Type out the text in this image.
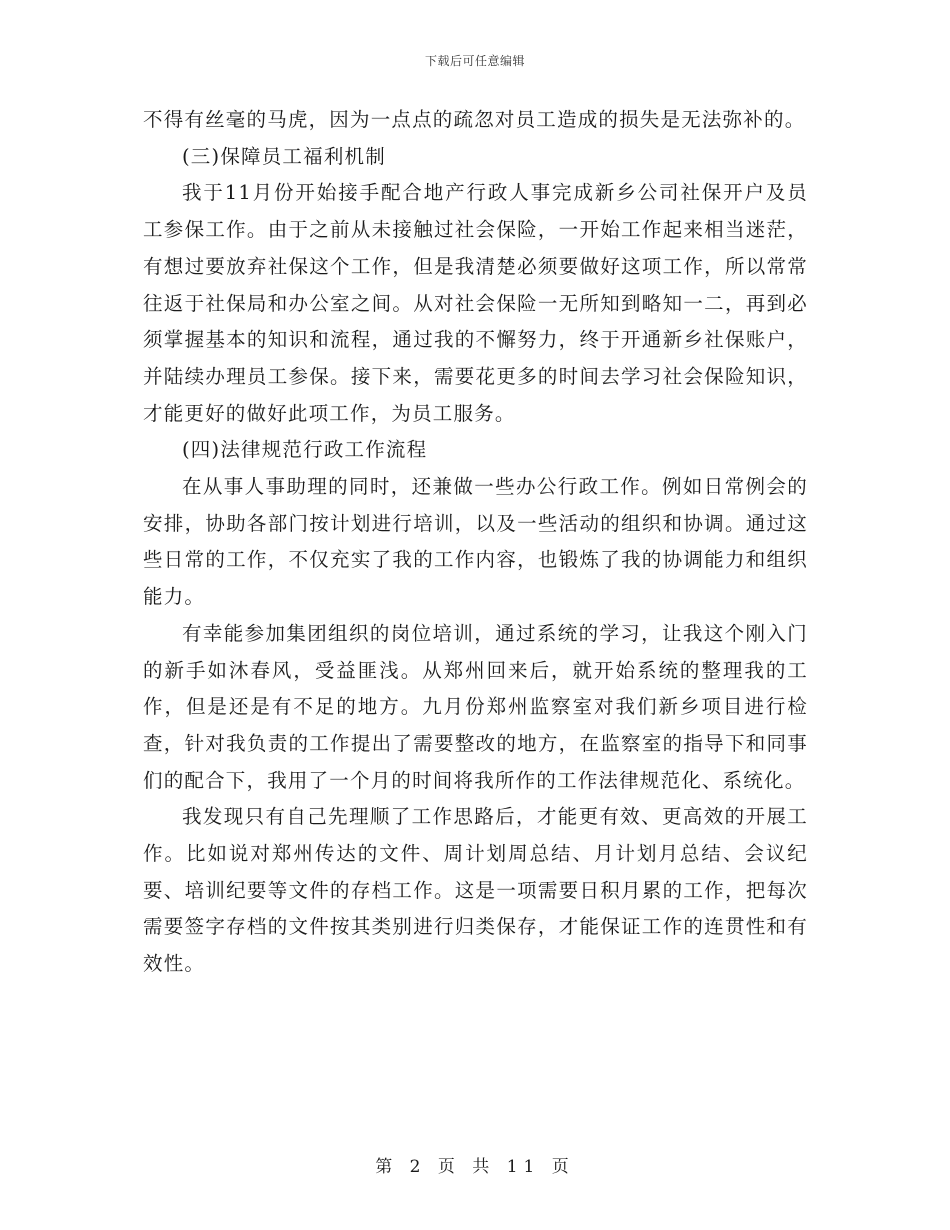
下载后可任意编辑

不得有丝毫的马虎，因为一点点的疏忽对员工造成的损失是无法弥补的。

(三)保障员工福利机制

我于11月份开始接手配合地产行政人事完成新乡公司社保开户及员工参保工作。由于之前从未接触过社会保险，一开始工作起来相当迷茫，有想过要放弃社保这个工作，但是我清楚必须要做好这项工作，所以常常往返于社保局和办公室之间。从对社会保险一无所知到略知一二，再到必须掌握基本的知识和流程，通过我的不懈努力，终于开通新乡社保账户，并陆续办理员工参保。接下来，需要花更多的时间去学习社会保险知识，才能更好的做好此项工作，为员工服务。

(四)法律规范行政工作流程

在从事人事助理的同时，还兼做一些办公行政工作。例如日常例会的安排，协助各部门按计划进行培训，以及一些活动的组织和协调。通过这些日常的工作，不仅充实了我的工作内容，也锻炼了我的协调能力和组织能力。

有幸能参加集团组织的岗位培训，通过系统的学习，让我这个刚入门的新手如沐春风，受益匪浅。从郑州回来后，就开始系统的整理我的工作，但是还是有不足的地方。九月份郑州监察室对我们新乡项目进行检查，针对我负责的工作提出了需要整改的地方，在监察室的指导下和同事们的配合下，我用了一个月的时间将我所作的工作法律规范化、系统化。

我发现只有自己先理顺了工作思路后，才能更有效、更高效的开展工作。比如说对郑州传达的文件、周计划周总结、月计划月总结、会议纪要、培训纪要等文件的存档工作。这是一项需要日积月累的工作，把每次需要签字存档的文件按其类别进行归类保存，才能保证工作的连贯性和有效性。

第 2 页 共 11 页
